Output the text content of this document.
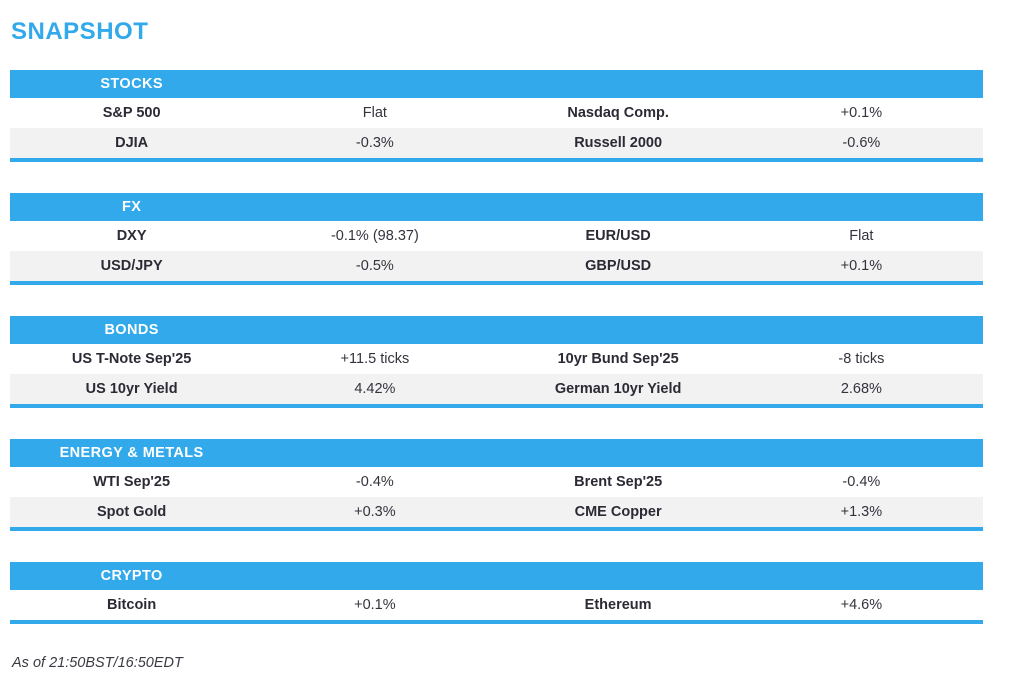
SNAPSHOT
STOCKS
S&P 500	Flat	Nasdaq Comp.	+0.1%
DJIA	-0.3%	Russell 2000	-0.6%
FX
DXY	-0.1% (98.37)	EUR/USD	Flat
USD/JPY	-0.5%	GBP/USD	+0.1%
BONDS
US T-Note Sep'25	+11.5 ticks	10yr Bund Sep'25	-8 ticks
US 10yr Yield	4.42%	German 10yr Yield	2.68%
ENERGY & METALS
WTI Sep'25	-0.4%	Brent Sep'25	-0.4%
Spot Gold	+0.3%	CME Copper	+1.3%
CRYPTO
Bitcoin	+0.1%	Ethereum	+4.6%
As of 21:50BST/16:50EDT
